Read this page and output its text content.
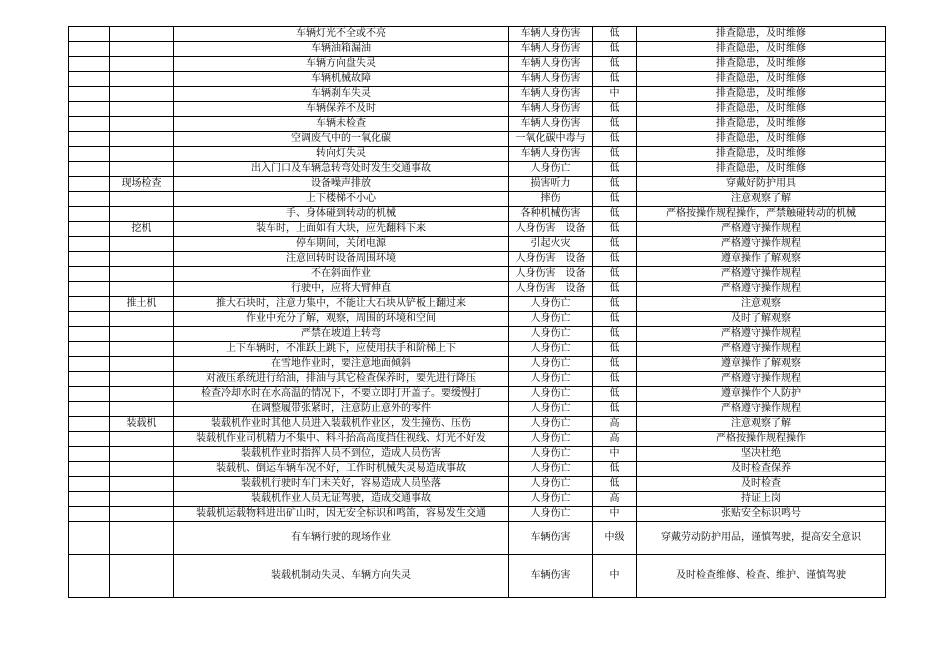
		车辆灯光不全或不亮	车辆人身伤害	低	排查隐患，及时维修
		车辆油箱漏油	车辆人身伤害	低	排查隐患，及时维修
		车辆方向盘失灵	车辆人身伤害	低	排查隐患，及时维修
		车辆机械故障	车辆人身伤害	低	排查隐患，及时维修
		车辆刹车失灵	车辆人身伤害	中	排查隐患，及时维修
		车辆保养不及时	车辆人身伤害	低	排查隐患，及时维修
		车辆未检查	车辆人身伤害	低	排查隐患，及时维修
		空调废气中的一氧化碳	一氧化碳中毒与	低	排查隐患，及时维修
		转向灯失灵	车辆人身伤害	低	排查隐患，及时维修
		出入门口及车辆急转弯处时发生交通事故	人身伤亡	低	排查隐患，及时维修
	现场检查	设备噪声排放	损害听力	低	穿戴好防护用具
		上下楼梯不小心	摔伤	低	注意观察了解
		手、身体碰到转动的机械	各种机械伤害	低	严格按操作规程操作，严禁触碰转动的机械
	挖机	装车时，上面如有大块，应先翻料下来	人身伤害　设备	低	严格遵守操作规程
		停车期间，关闭电源	引起火灾	低	严格遵守操作规程
		注意回转时设备周围环境	人身伤害　设备	低	遵章操作了解观察
		不在斜面作业	人身伤害　设备	低	严格遵守操作规程
		行驶中，应将大臂伸直	人身伤害　设备	低	严格遵守操作规程
	推土机	推大石块时，注意力集中，不能让大石块从铲板上翻过来	人身伤亡	低	注意观察
		作业中充分了解，观察，周围的环境和空间	人身伤亡	低	及时了解观察
		严禁在坡道上转弯	人身伤亡	低	严格遵守操作规程
		上下车辆时，不准跃上跳下，应使用扶手和阶梯上下	人身伤亡	低	严格遵守操作规程
		在雪地作业时，要注意地面倾斜	人身伤亡	低	遵章操作了解观察
		对液压系统进行给油，排油与其它检查保养时，要先进行降压	人身伤亡	低	严格遵守操作规程
		检查冷却水时在水高温的情况下，不要立即打开盖子。要缓慢打	人身伤亡	低	遵章操作个人防护
		在调整履带张紧时，注意防止意外的零件	人身伤亡	低	严格遵守操作规程
	装载机	装载机作业时其他人员进入装载机作业区，发生撞伤、压伤	人身伤亡	高	注意观察了解
		装载机作业司机精力不集中、料斗抬高高度挡住视线、灯光不好发	人身伤亡	高	严格按操作规程操作
		装载机作业时指挥人员不到位，造成人员伤害	人身伤亡	中	坚决杜绝
		装载机、倒运车辆车况不好，工作时机械失灵易造成事故	人身伤亡	低	及时检查保养
		装载机行驶时车门未关好，容易造成人员坠落	人身伤亡	低	及时检查
		装载机作业人员无证驾驶，造成交通事故	人身伤亡	高	持证上岗
		装载机运载物料进出矿山时，因无安全标识和鸣笛，容易发生交通	人身伤亡	中	张贴安全标识鸣号
		有车辆行驶的现场作业	车辆伤害	中级	穿戴劳动防护用品，谨慎驾驶，提高安全意识
		装载机制动失灵、车辆方向失灵	车辆伤害	中	及时检查维修、检查、维护、谨慎驾驶
